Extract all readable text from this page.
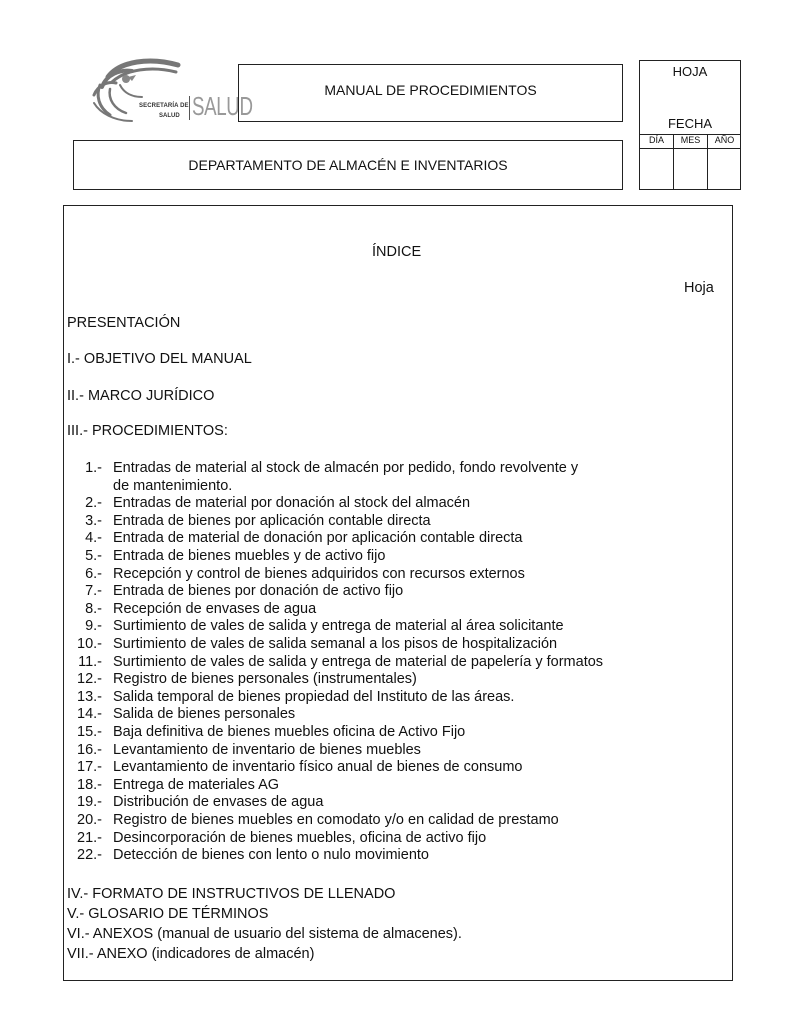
SECRETARÍA DE
SALUD SALUD
MANUAL DE PROCEDIMIENTOS
DEPARTAMENTO DE ALMACÉN E INVENTARIOS
HOJA
FECHA
DÍA	MES	AÑO
ÍNDICE
Hoja
PRESENTACIÓN
I.- OBJETIVO DEL MANUAL
II.- MARCO JURÍDICO
III.- PROCEDIMIENTOS:
1.- Entradas de material al stock de almacén por pedido, fondo revolvente y
de mantenimiento.
2.- Entradas de material por donación al stock del almacén
3.- Entrada de bienes por aplicación contable directa
4.- Entrada de material de donación por aplicación contable directa
5.- Entrada de bienes muebles y de activo fijo
6.- Recepción y control de bienes adquiridos con recursos externos
7.- Entrada de bienes por donación de activo fijo
8.- Recepción de envases de agua
9.- Surtimiento de vales de salida y entrega de material al área solicitante
10.- Surtimiento de vales de salida semanal a los pisos de hospitalización
11.- Surtimiento de vales de salida y entrega de material de papelería y formatos
12.- Registro de bienes personales (instrumentales)
13.- Salida temporal de bienes propiedad del Instituto de las áreas.
14.- Salida de bienes personales
15.- Baja definitiva de bienes muebles oficina de Activo Fijo
16.- Levantamiento de inventario de bienes muebles
17.- Levantamiento de inventario físico anual de bienes de consumo
18.- Entrega de materiales AG
19.- Distribución de envases de agua
20.- Registro de bienes muebles en comodato y/o en calidad de prestamo
21.- Desincorporación de bienes muebles, oficina de activo fijo
22.- Detección de bienes con lento o nulo movimiento
IV.- FORMATO DE INSTRUCTIVOS DE LLENADO
V.- GLOSARIO DE TÉRMINOS
VI.- ANEXOS (manual de usuario del sistema de almacenes).
VII.- ANEXO (indicadores de almacén)
